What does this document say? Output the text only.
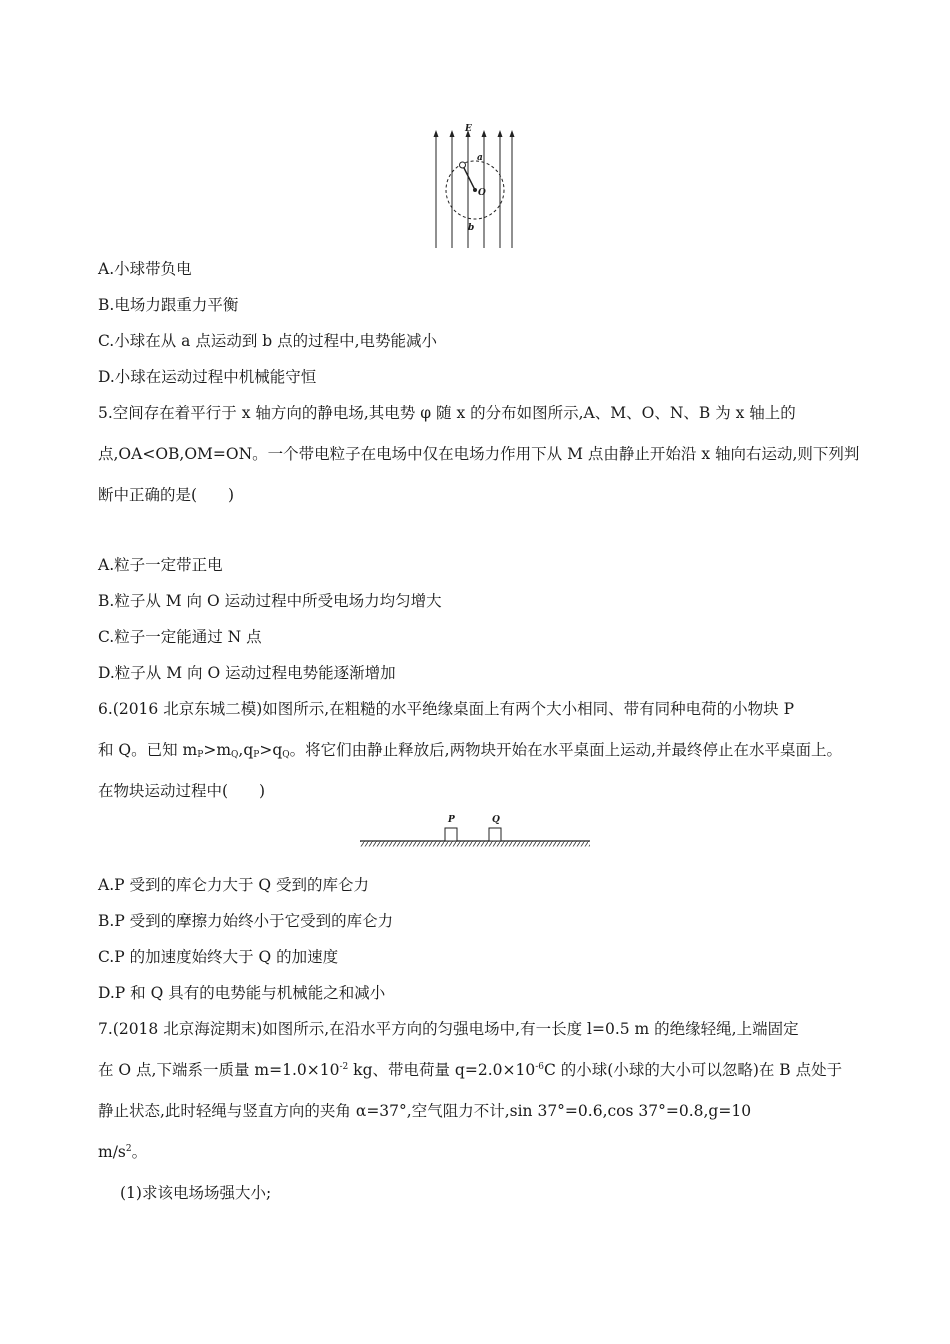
E
a
O
b
A.小球带负电
B.电场力跟重力平衡
C.小球在从 a 点运动到 b 点的过程中,电势能减小
D.小球在运动过程中机械能守恒
5.空间存在着平行于 x 轴方向的静电场,其电势 φ 随 x 的分布如图所示,A、M、O、N、B 为 x 轴上的
点,OA<OB,OM=ON。一个带电粒子在电场中仅在电场力作用下从 M 点由静止开始沿 x 轴向右运动,则下列判
断中正确的是(　　)
A.粒子一定带正电
B.粒子从 M 向 O 运动过程中所受电场力均匀增大
C.粒子一定能通过 N 点
D.粒子从 M 向 O 运动过程电势能逐渐增加
6.(2016 北京东城二模)如图所示,在粗糙的水平绝缘桌面上有两个大小相同、带有同种电荷的小物块 P
和 Q。已知 $m_P>m_Q,q_P>q_Q$。将它们由静止释放后,两物块开始在水平桌面上运动,并最终停止在水平桌面上。
在物块运动过程中(　　)
P	Q
A.P 受到的库仑力大于 Q 受到的库仑力
B.P 受到的摩擦力始终小于它受到的库仑力
C.P 的加速度始终大于 Q 的加速度
D.P 和 Q 具有的电势能与机械能之和减小
7.(2018 北京海淀期末)如图所示,在沿水平方向的匀强电场中,有一长度 l=0.5 m 的绝缘轻绳,上端固定
在 O 点,下端系一质量 $m=1.0\times 10^{-2}$ kg、带电荷量 $q=2.0\times 10^{-6}C$ 的小球(小球的大小可以忽略)在 B 点处于
静止状态,此时轻绳与竖直方向的夹角 α=37°,空气阻力不计,sin 37°=0.6,cos 37°=0.8,g=10
$m/s^2$。
(1)求该电场场强大小;
